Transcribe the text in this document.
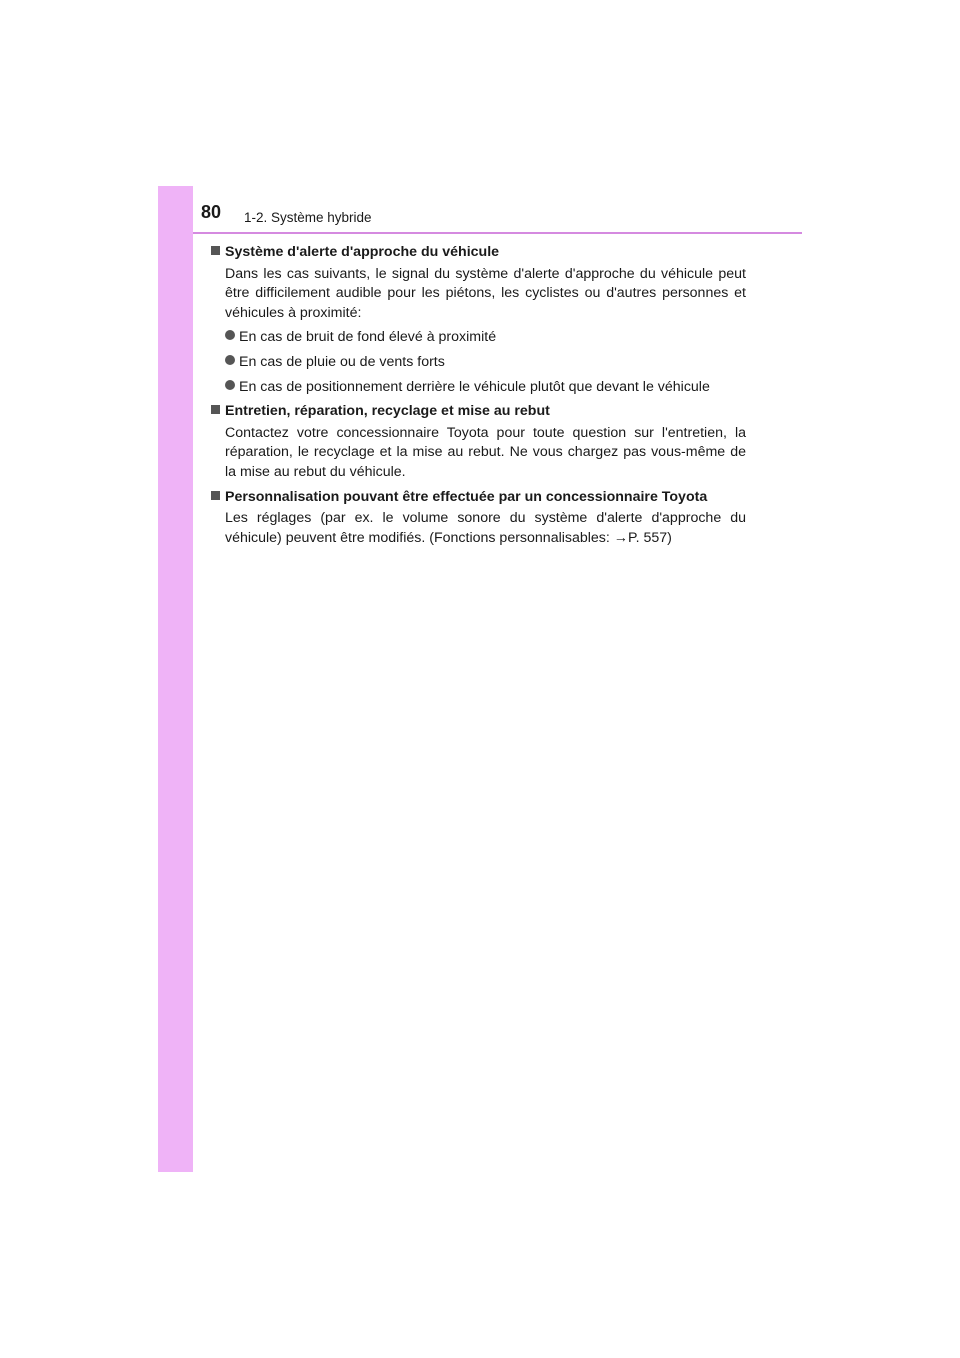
80 1-2. Système hybride
Système d'alerte d'approche du véhicule

Dans les cas suivants, le signal du système d'alerte d'approche du véhicule peut être difficilement audible pour les piétons, les cyclistes ou d'autres personnes et véhicules à proximité:

En cas de bruit de fond élevé à proximité
En cas de pluie ou de vents forts
En cas de positionnement derrière le véhicule plutôt que devant le véhicule
Entretien, réparation, recyclage et mise au rebut

Contactez votre concessionnaire Toyota pour toute question sur l'entretien, la réparation, le recyclage et la mise au rebut. Ne vous chargez pas vous-même de la mise au rebut du véhicule.

Personnalisation pouvant être effectuée par un concessionnaire Toyota

Les réglages (par ex. le volume sonore du système d'alerte d'approche du véhicule) peuvent être modifiés. (Fonctions personnalisables: →P. 557)
